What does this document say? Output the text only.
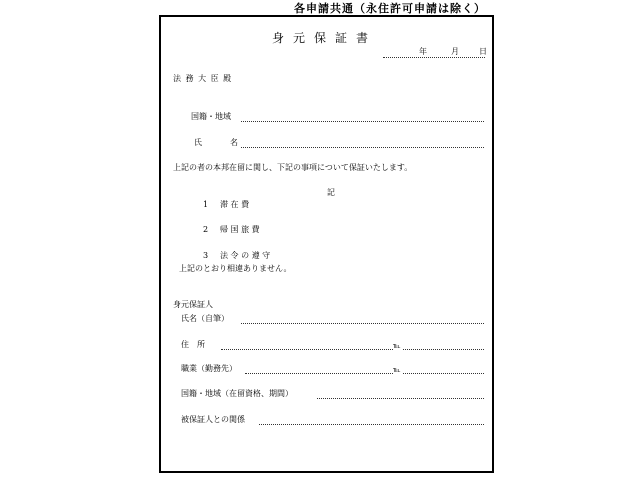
各申請共通（永住許可申請は除く）
身元保証書
年	月	日
法 務 大 臣 殿
国籍・地域
氏	名
上記の者の本邦在留に関し、下記の事項について保証いたします。
記
1 滞 在 費
2 帰 国 旅 費
3 法 令 の 遵 守
上記のとおり相違ありません。
身元保証人
氏名（自筆）
住　所	℡
職業（勤務先）	℡
国籍・地域（在留資格、期間）
被保証人との関係
